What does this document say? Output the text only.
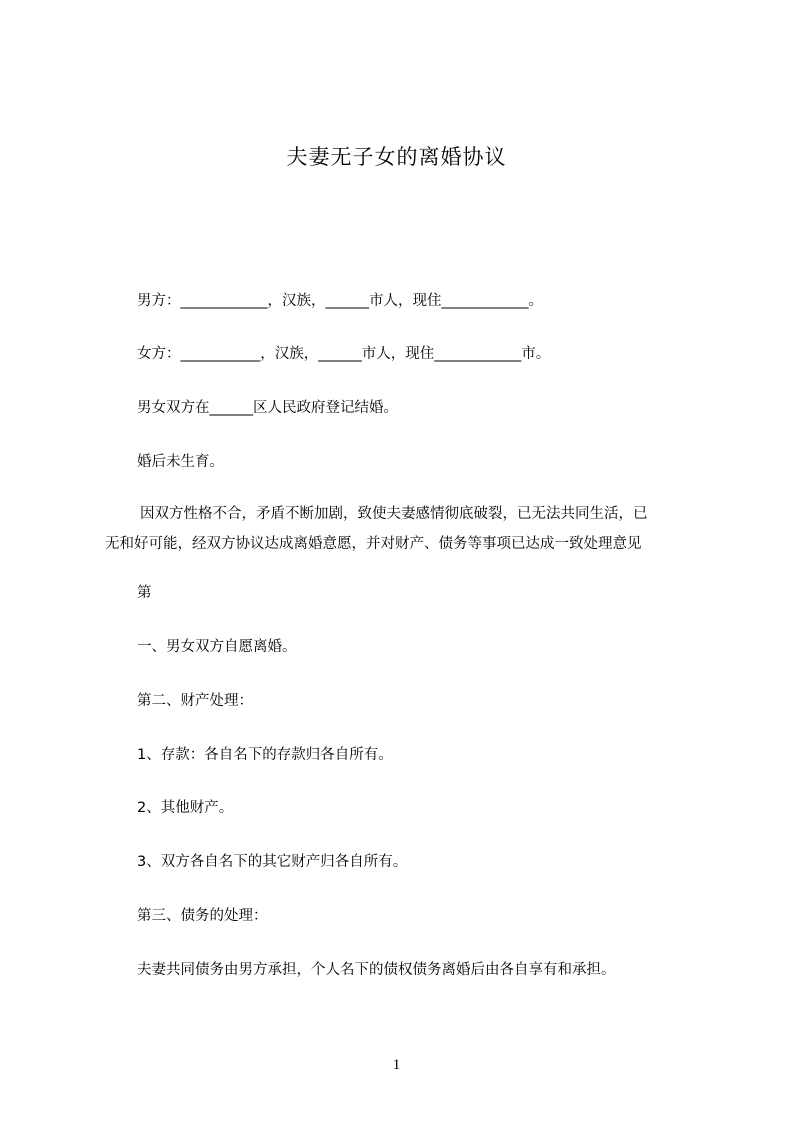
夫妻无子女的离婚协议
男方：____________，汉族，______市人，现住____________。
女方：___________，汉族，______市人，现住____________市。
男女双方在______区人民政府登记结婚。
婚后未生育。
因双方性格不合，矛盾不断加剧，致使夫妻感情彻底破裂，已无法共同生活，已
无和好可能，经双方协议达成离婚意愿，并对财产、债务等事项已达成一致处理意见
第
一、男女双方自愿离婚。
第二、财产处理：
1、存款：各自名下的存款归各自所有。
2、其他财产。
3、双方各自名下的其它财产归各自所有。
第三、债务的处理：
夫妻共同债务由男方承担，个人名下的债权债务离婚后由各自享有和承担。
1
